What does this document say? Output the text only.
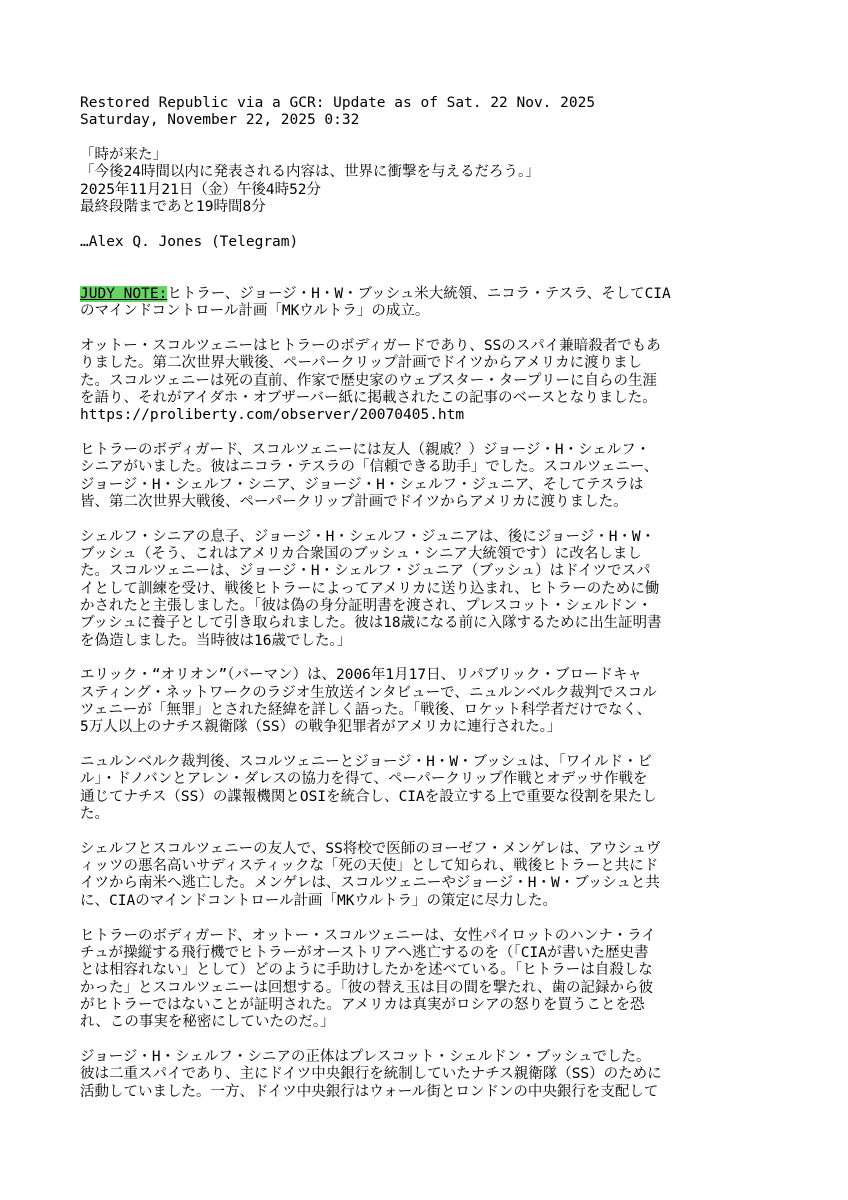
Restored Republic via a GCR: Update as of Sat. 22 Nov. 2025
Saturday, November 22, 2025 0:32

「時が来た」
「今後24時間以内に発表される内容は、世界に衝撃を与えるだろう。」
2025年11月21日（金）午後4時52分
最終段階まであと19時間8分

…Alex Q. Jones (Telegram)

JUDY NOTE:ヒトラー、ジョージ・H・W・ブッシュ米大統領、ニコラ・テスラ、そしてCIA
のマインドコントロール計画「MKウルトラ」の成立。

オットー・スコルツェニーはヒトラーのボディガードであり、SSのスパイ兼暗殺者でもあ
りました。第二次世界大戦後、ペーパークリップ計画でドイツからアメリカに渡りまし
た。スコルツェニーは死の直前、作家で歴史家のウェブスター・タープリーに自らの生涯
を語り、それがアイダホ・オブザーバー紙に掲載されたこの記事のベースとなりました。
https://proliberty.com/observer/20070405.htm

ヒトラーのボディガード、スコルツェニーには友人（親戚？）ジョージ・H・シェルフ・
シニアがいました。彼はニコラ・テスラの「信頼できる助手」でした。スコルツェニー、
ジョージ・H・シェルフ・シニア、ジョージ・H・シェルフ・ジュニア、そしてテスラは
皆、第二次世界大戦後、ペーパークリップ計画でドイツからアメリカに渡りました。

シェルフ・シニアの息子、ジョージ・H・シェルフ・ジュニアは、後にジョージ・H・W・
ブッシュ（そう、これはアメリカ合衆国のブッシュ・シニア大統領です）に改名しまし
た。スコルツェニーは、ジョージ・H・シェルフ・ジュニア（ブッシュ）はドイツでスパ
イとして訓練を受け、戦後ヒトラーによってアメリカに送り込まれ、ヒトラーのために働
かされたと主張しました。「彼は偽の身分証明書を渡され、プレスコット・シェルドン・
ブッシュに養子として引き取られました。彼は18歳になる前に入隊するために出生証明書
を偽造しました。当時彼は16歳でした。」

エリック・“オリオン”（バーマン）は、2006年1月17日、リパブリック・ブロードキャ
スティング・ネットワークのラジオ生放送インタビューで、ニュルンベルク裁判でスコル
ツェニーが「無罪」とされた経緯を詳しく語った。「戦後、ロケット科学者だけでなく、
5万人以上のナチス親衛隊（SS）の戦争犯罪者がアメリカに連行された。」

ニュルンベルク裁判後、スコルツェニーとジョージ・H・W・ブッシュは、「ワイルド・ビ
ル」・ドノバンとアレン・ダレスの協力を得て、ペーパークリップ作戦とオデッサ作戦を
通じてナチス（SS）の諜報機関とOSIを統合し、CIAを設立する上で重要な役割を果たし
た。

シェルフとスコルツェニーの友人で、SS将校で医師のヨーゼフ・メンゲレは、アウシュヴ
ィッツの悪名高いサディスティックな「死の天使」として知られ、戦後ヒトラーと共にド
イツから南米へ逃亡した。メンゲレは、スコルツェニーやジョージ・H・W・ブッシュと共
に、CIAのマインドコントロール計画「MKウルトラ」の策定に尽力した。

ヒトラーのボディガード、オットー・スコルツェニーは、女性パイロットのハンナ・ライ
チュが操縦する飛行機でヒトラーがオーストリアへ逃亡するのを（「CIAが書いた歴史書
とは相容れない」として）どのように手助けしたかを述べている。「ヒトラーは自殺しな
かった」とスコルツェニーは回想する。「彼の替え玉は目の間を撃たれ、歯の記録から彼
がヒトラーではないことが証明された。アメリカは真実がロシアの怒りを買うことを恐
れ、この事実を秘密にしていたのだ。」

ジョージ・H・シェルフ・シニアの正体はプレスコット・シェルドン・ブッシュでした。
彼は二重スパイであり、主にドイツ中央銀行を統制していたナチス親衛隊（SS）のために
活動していました。一方、ドイツ中央銀行はウォール街とロンドンの中央銀行を支配して
